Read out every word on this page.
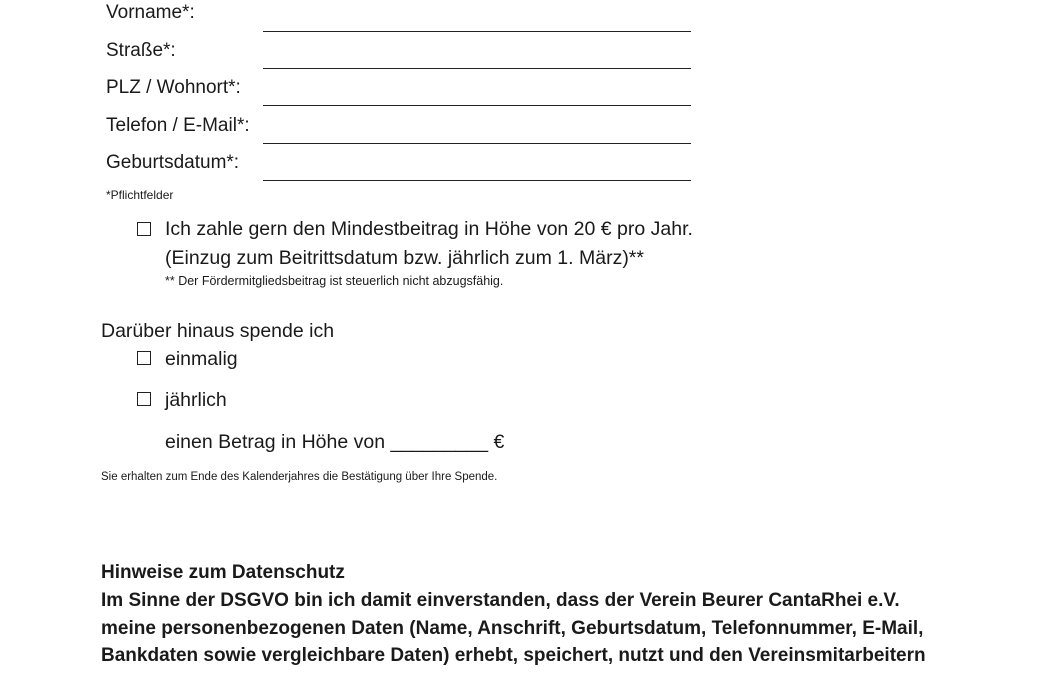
Vorname*:
Straße*:
PLZ / Wohnort*:
Telefon / E-Mail*:
Geburtsdatum*:
*Pflichtfelder
Ich zahle gern den Mindestbeitrag in Höhe von 20 € pro Jahr.
(Einzug zum Beitrittsdatum bzw. jährlich zum 1. März)**
** Der Fördermitgliedsbeitrag ist steuerlich nicht abzugsfähig.
Darüber hinaus spende ich
einmalig
jährlich
einen Betrag in Höhe von _________ €
Sie erhalten zum Ende des Kalenderjahres die Bestätigung über Ihre Spende.
Hinweise zum Datenschutz
Im Sinne der DSGVO bin ich damit einverstanden, dass der Verein Beurer CantaRhei e.V.
meine personenbezogenen Daten (Name, Anschrift, Geburtsdatum, Telefonnummer, E-Mail,
Bankdaten sowie vergleichbare Daten) erhebt, speichert, nutzt und den Vereinsmitarbeitern
